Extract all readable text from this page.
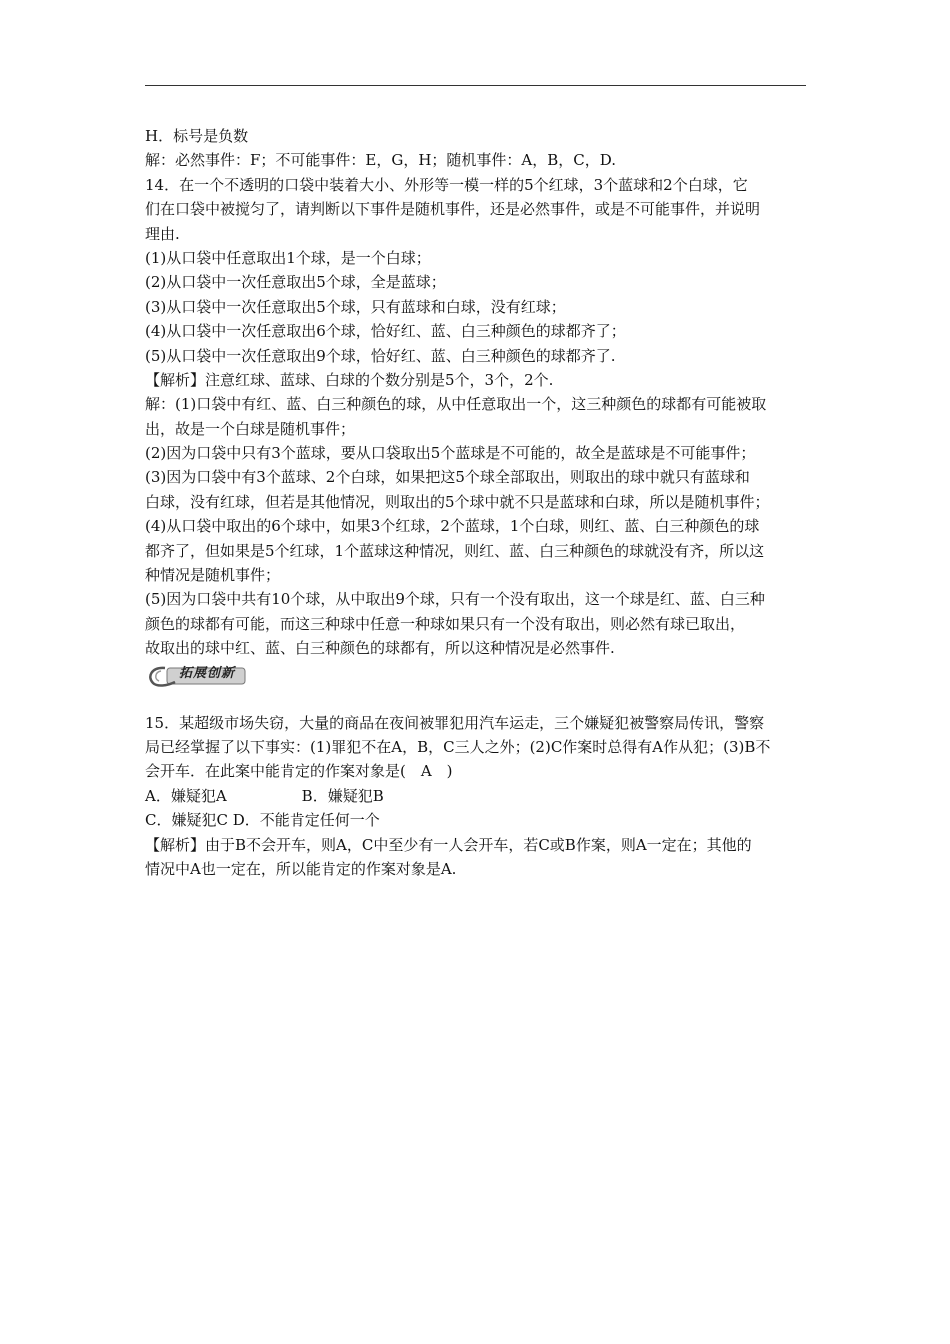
H．标号是负数
解：必然事件：F；不可能事件：E，G，H；随机事件：A，B，C，D.
14．在一个不透明的口袋中装着大小、外形等一模一样的5个红球，3个蓝球和2个白球，它
们在口袋中被搅匀了，请判断以下事件是随机事件，还是必然事件，或是不可能事件，并说明
理由.
(1)从口袋中任意取出1个球，是一个白球；
(2)从口袋中一次任意取出5个球，全是蓝球；
(3)从口袋中一次任意取出5个球，只有蓝球和白球，没有红球；
(4)从口袋中一次任意取出6个球，恰好红、蓝、白三种颜色的球都齐了；
(5)从口袋中一次任意取出9个球，恰好红、蓝、白三种颜色的球都齐了.
【解析】注意红球、蓝球、白球的个数分别是5个，3个，2个.
解：(1)口袋中有红、蓝、白三种颜色的球，从中任意取出一个，这三种颜色的球都有可能被取
出，故是一个白球是随机事件；
(2)因为口袋中只有3个蓝球，要从口袋取出5个蓝球是不可能的，故全是蓝球是不可能事件；
(3)因为口袋中有3个蓝球、2个白球，如果把这5个球全部取出，则取出的球中就只有蓝球和
白球，没有红球，但若是其他情况，则取出的5个球中就不只是蓝球和白球，所以是随机事件；
(4)从口袋中取出的6个球中，如果3个红球，2个蓝球，1个白球，则红、蓝、白三种颜色的球
都齐了，但如果是5个红球，1个蓝球这种情况，则红、蓝、白三种颜色的球就没有齐，所以这
种情况是随机事件；
(5)因为口袋中共有10个球，从中取出9个球，只有一个没有取出，这一个球是红、蓝、白三种
颜色的球都有可能，而这三种球中任意一种球如果只有一个没有取出，则必然有球已取出，
故取出的球中红、蓝、白三种颜色的球都有，所以这种情况是必然事件.
拓展创新
15．某超级市场失窃，大量的商品在夜间被罪犯用汽车运走，三个嫌疑犯被警察局传讯，警察
局已经掌握了以下事实：(1)罪犯不在A，B，C三人之外；(2)C作案时总得有A作从犯；(3)B不
会开车．在此案中能肯定的作案对象是(　A　)
A．嫌疑犯A　　　　　B．嫌疑犯B
C．嫌疑犯C D．不能肯定任何一个
【解析】由于B不会开车，则A，C中至少有一人会开车，若C或B作案，则A一定在；其他的
情况中A也一定在，所以能肯定的作案对象是A.
